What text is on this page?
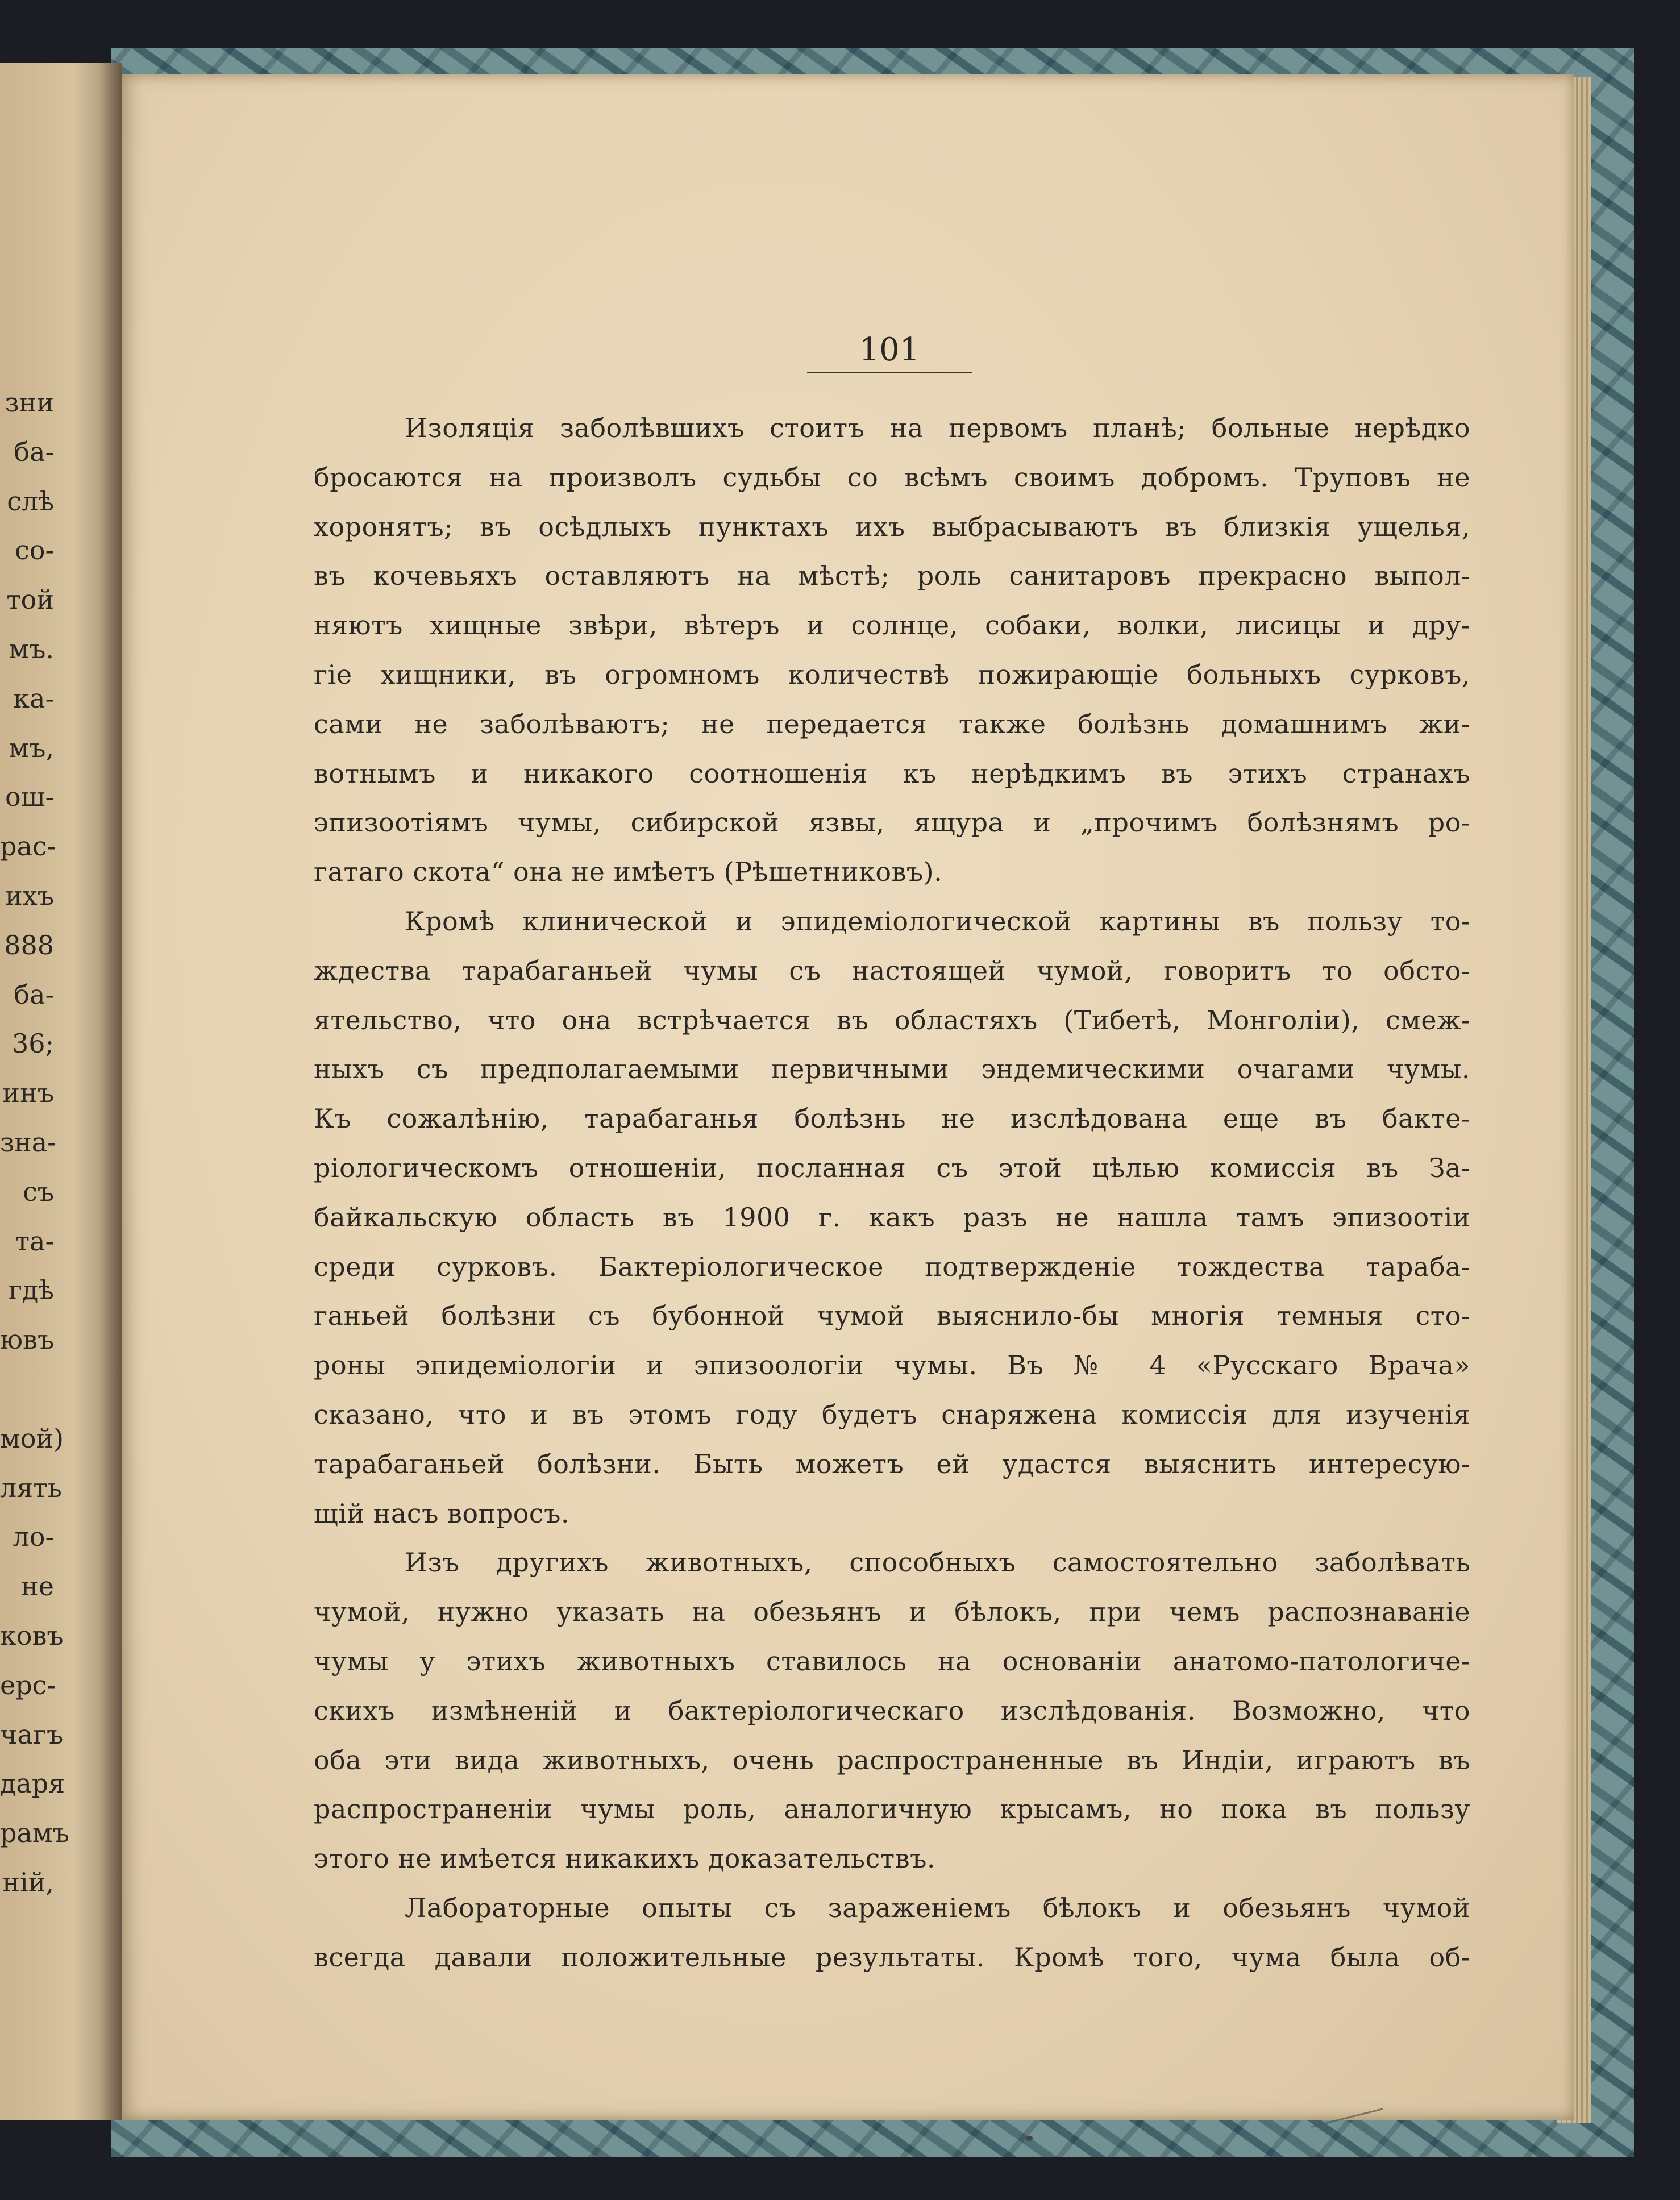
зни
ба-
слѣ
со-
той
мъ.
ка-
мъ,
ош-
рас-
ихъ
888
ба-
36;
инъ
зна-
съ
та-
гдѣ
ювъ
мой)
лять
ло-
не
ковъ
ерс-
чагъ
даря
рамъ
ній,
101
Изоляція заболѣвшихъ стоитъ на первомъ планѣ; больные нерѣдко
бросаются на произволъ судьбы со всѣмъ своимъ добромъ. Труповъ не
хоронятъ; въ осѣдлыхъ пунктахъ ихъ выбрасываютъ въ близкія ущелья,
въ кочевьяхъ оставляютъ на мѣстѣ; роль санитаровъ прекрасно выпол-
няютъ хищные звѣри, вѣтеръ и солнце, собаки, волки, лисицы и дру-
гіе хищники, въ огромномъ количествѣ пожирающіе больныхъ сурковъ,
сами не заболѣваютъ; не передается также болѣзнь домашнимъ жи-
вотнымъ и никакого соотношенія къ нерѣдкимъ въ этихъ странахъ
эпизоотіямъ чумы, сибирской язвы, ящура и „прочимъ болѣзнямъ ро-
гатаго скота“ она не имѣетъ (Рѣшетниковъ).
Кромѣ клинической и эпидеміологической картины въ пользу то-
ждества тарабаганьей чумы съ настоящей чумой, говоритъ то обсто-
ятельство, что она встрѣчается въ областяхъ (Тибетѣ, Монголіи), смеж-
ныхъ съ предполагаемыми первичными эндемическими очагами чумы.
Къ сожалѣнію, тарабаганья болѣзнь не изслѣдована еще въ бакте-
ріологическомъ отношеніи, посланная съ этой цѣлью комиссія въ За-
байкальскую область въ 1900 г. какъ разъ не нашла тамъ эпизоотіи
среди сурковъ. Бактеріологическое подтвержденіе тождества тараба-
ганьей болѣзни съ бубонной чумой выяснило-бы многія темныя сто-
роны эпидеміологіи и эпизоологіи чумы. Въ № 4 «Русскаго Врача»
сказано, что и въ этомъ году будетъ снаряжена комиссія для изученія
тарабаганьей болѣзни. Быть можетъ ей удастся выяснить интересую-
щій насъ вопросъ.
Изъ другихъ животныхъ, способныхъ самостоятельно заболѣвать
чумой, нужно указать на обезьянъ и бѣлокъ, при чемъ распознаваніе
чумы у этихъ животныхъ ставилось на основаніи анатомо-патологиче-
скихъ измѣненій и бактеріологическаго изслѣдованія. Возможно, что
оба эти вида животныхъ, очень распространенные въ Индіи, играютъ въ
распространеніи чумы роль, аналогичную крысамъ, но пока въ пользу
этого не имѣется никакихъ доказательствъ.
Лабораторные опыты съ зараженіемъ бѣлокъ и обезьянъ чумой
всегда давали положительные результаты. Кромѣ того, чума была об-
